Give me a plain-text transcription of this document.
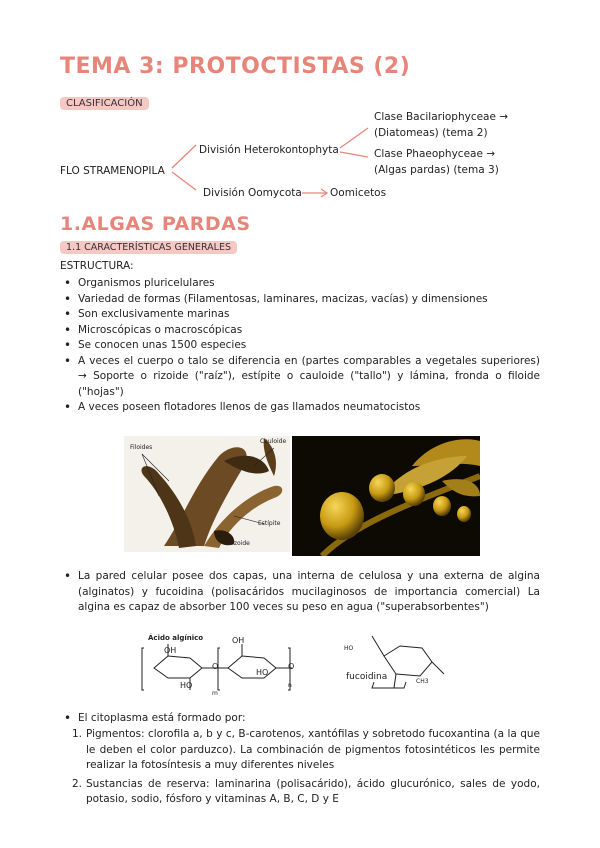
TEMA 3: PROTOCTISTAS (2)
CLASIFICACIÓN
FLO STRAMENOPILA
División Heterokontophyta
División Oomycota	Oomicetos
Clase Bacilariophyceae →
(Diatomeas) (tema 2)
Clase Phaeophyceae →
(Algas pardas) (tema 3)
1.ALGAS PARDAS
1.1 CARACTERÍSTICAS GENERALES
ESTRUCTURA:
• Organismos pluricelulares
• Variedad de formas (Filamentosas, laminares, macizas, vacías) y dimensiones
• Son exclusivamente marinas
• Microscópicas o macroscópicas
• Se conocen unas 1500 especies
• A veces el cuerpo o talo se diferencia en (partes comparables a vegetales superiores) → Soporte o rizoide ("raíz"), estípite o cauloide ("tallo") y lámina, fronda o filoide ("hojas")
• A veces poseen flotadores llenos de gas llamados neumatocistos
Filoides
Cauloide
Estípite
Rizoide
• La pared celular posee dos capas, una interna de celulosa y una externa de algina (alginatos) y fucoidina (polisacáridos mucilaginosos de importancia comercial) La algina es capaz de absorber 100 veces su peso en agua ("superabsorbentes")
Ácido algínico	OH
OH
HO
HO
O	O
m
n
HO
fucoidina	CH3
• El citoplasma está formado por:
1. Pigmentos: clorofila a, b y c, B-carotenos, xantófilas y sobretodo fucoxantina (a la que le deben el color parduzco). La combinación de pigmentos fotosintéticos les permite realizar la fotosíntesis a muy diferentes niveles
2. Sustancias de reserva: laminarina (polisacárido), ácido glucurónico, sales de yodo, potasio, sodio, fósforo y vitaminas A, B, C, D y E
